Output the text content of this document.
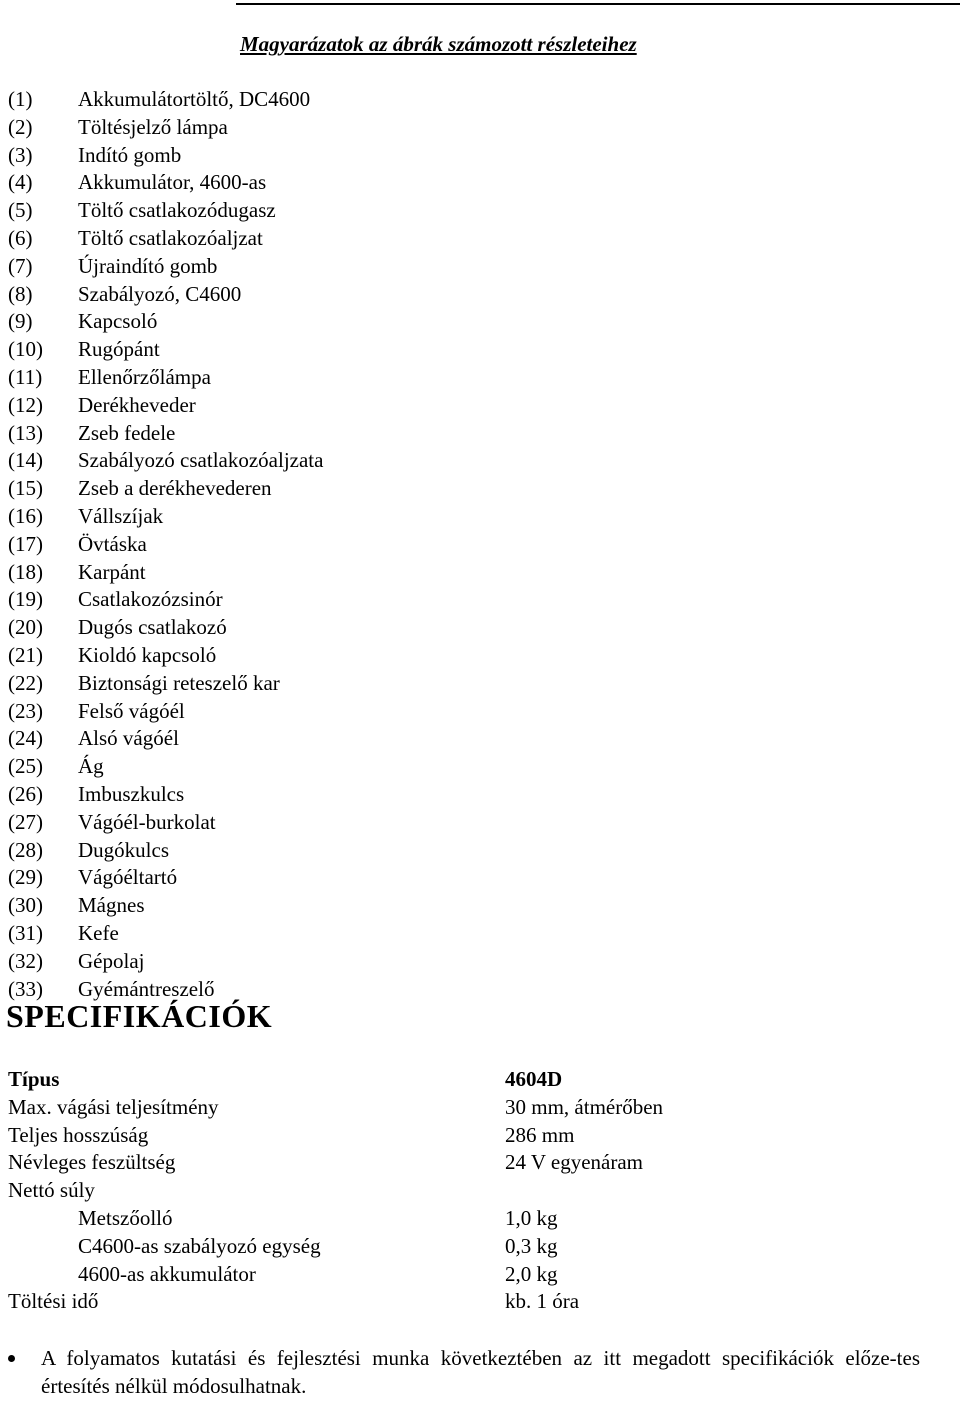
Magyarázatok az ábrák számozott részleteihez
(1) Akkumulátortöltő, DC4600
(2) Töltésjelző lámpa
(3) Indító gomb
(4) Akkumulátor, 4600-as
(5) Töltő csatlakozódugasz
(6) Töltő csatlakozóaljzat
(7) Újraindító gomb
(8) Szabályozó, C4600
(9) Kapcsoló
(10) Rugópánt
(11) Ellenőrzőlámpa
(12) Derékheveder
(13) Zseb fedele
(14) Szabályozó csatlakozóaljzata
(15) Zseb a derékhevederen
(16) Vállszíjak
(17) Övtáska
(18) Karpánt
(19) Csatlakozózsinór
(20) Dugós csatlakozó
(21) Kioldó kapcsoló
(22) Biztonsági reteszelő kar
(23) Felső vágóél
(24) Alsó vágóél
(25) Ág
(26) Imbuszkulcs
(27) Vágóél-burkolat
(28) Dugókulcs
(29) Vágóéltartó
(30) Mágnes
(31) Kefe
(32) Gépolaj
(33) Gyémántreszelő
SPECIFIKÁCIÓK
Típus	4604D
Max. vágási teljesítmény	30 mm, átmérőben
Teljes hosszúság	286 mm
Névleges feszültség	24 V egyenáram
Nettó súly
Metszőolló	1,0 kg
C4600-as szabályozó egység	0,3 kg
4600-as akkumulátor	2,0 kg
Töltési idő	kb. 1 óra
A folyamatos kutatási és fejlesztési munka következtében az itt megadott specifikációk előze-tes értesítés nélkül módosulhatnak.
